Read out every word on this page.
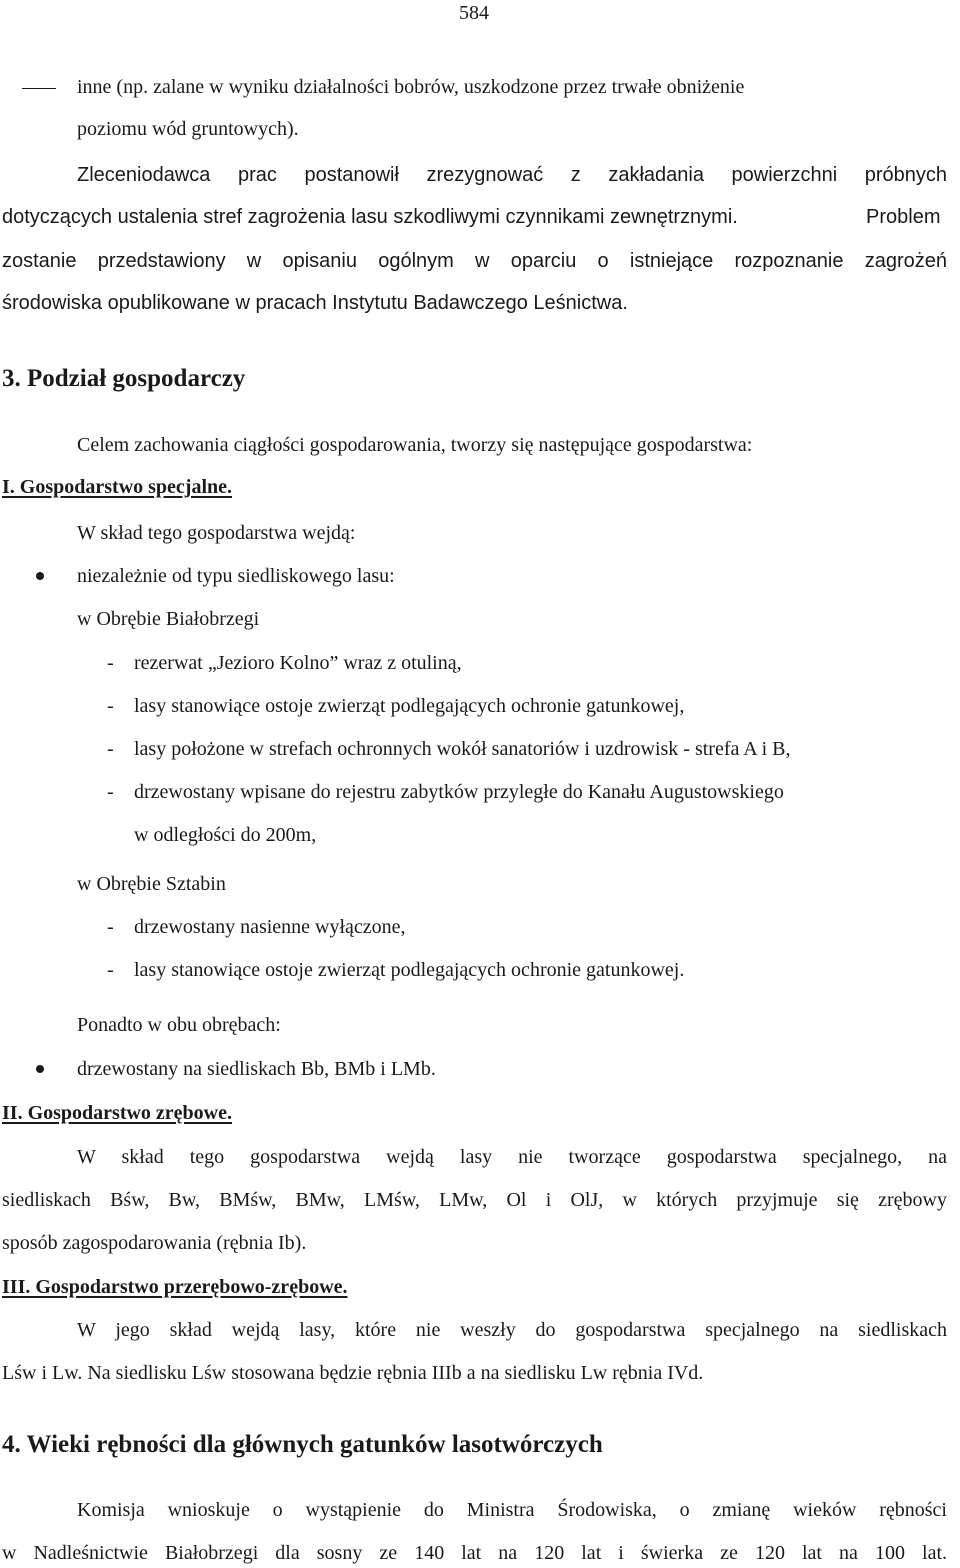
584
inne (np. zalane w wyniku działalności bobrów, uszkodzone przez trwałe obniżenie
poziomu wód gruntowych).
Zleceniodawca prac postanowił zrezygnować z zakładania powierzchni próbnych
dotyczących ustalenia stref zagrożenia lasu szkodliwymi czynnikami zewnętrznymi.	Problem
zostanie przedstawiony w opisaniu ogólnym w oparciu o istniejące rozpoznanie zagrożeń
środowiska opublikowane w pracach Instytutu Badawczego Leśnictwa.
3. Podział gospodarczy
Celem zachowania ciągłości gospodarowania, tworzy się następujące gospodarstwa:
I. Gospodarstwo specjalne.
W skład tego gospodarstwa wejdą:
niezależnie od typu siedliskowego lasu:
w Obrębie Białobrzegi
- rezerwat „Jezioro Kolno” wraz z otuliną,
- lasy stanowiące ostoje zwierząt podlegających ochronie gatunkowej,
- lasy położone w strefach ochronnych wokół sanatoriów i uzdrowisk - strefa A i B,
- drzewostany wpisane do rejestru zabytków przyległe do Kanału Augustowskiego
w odległości do 200m,
w Obrębie Sztabin
- drzewostany nasienne wyłączone,
- lasy stanowiące ostoje zwierząt podlegających ochronie gatunkowej.
Ponadto w obu obrębach:
drzewostany na siedliskach Bb, BMb i LMb.
II. Gospodarstwo zrębowe.
W skład tego gospodarstwa wejdą lasy nie tworzące gospodarstwa specjalnego, na
siedliskach Bśw, Bw, BMśw, BMw, LMśw, LMw, Ol i OlJ, w których przyjmuje się zrębowy
sposób zagospodarowania (rębnia Ib).
III. Gospodarstwo przerębowo-zrębowe.
W jego skład wejdą lasy, które nie weszły do gospodarstwa specjalnego na siedliskach
Lśw i Lw. Na siedlisku Lśw stosowana będzie rębnia IIIb a na siedlisku Lw rębnia IVd.
4. Wieki rębności dla głównych gatunków lasotwórczych
Komisja wnioskuje o wystąpienie do Ministra Środowiska, o zmianę wieków rębności
w Nadleśnictwie Białobrzegi dla sosny ze 140 lat na 120 lat i świerka ze 120 lat na 100 lat.
